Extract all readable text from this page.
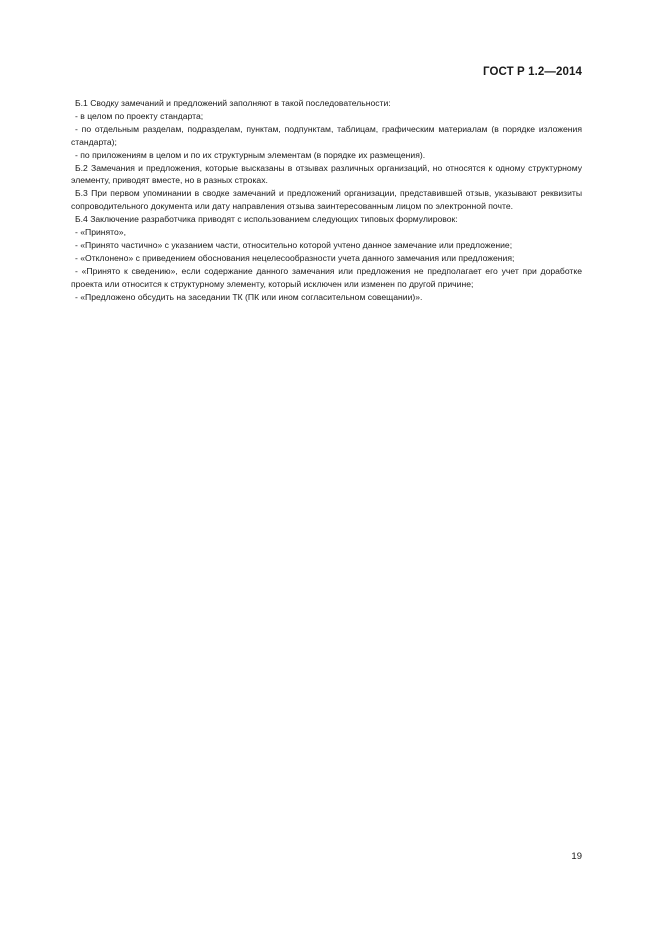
ГОСТ Р 1.2—2014

Б.1 Сводку замечаний и предложений заполняют в такой последовательности:

- в целом по проекту стандарта;

- по отдельным разделам, подразделам, пунктам, подпунктам, таблицам, графическим материалам (в порядке изложения стандарта);

- по приложениям в целом и по их структурным элементам (в порядке их размещения).

Б.2 Замечания и предложения, которые высказаны в отзывах различных организаций, но относятся к одному структурному элементу, приводят вместе, но в разных строках.

Б.3 При первом упоминании в сводке замечаний и предложений организации, представившей отзыв, указывают реквизиты сопроводительного документа или дату направления отзыва заинтересованным лицом по электронной почте.

Б.4 Заключение разработчика приводят с использованием следующих типовых формулировок:

- «Принято»,

- «Принято частично» с указанием части, относительно которой учтено данное замечание или предложение;

- «Отклонено» с приведением обоснования нецелесообразности учета данного замечания или предложения;

- «Принято к сведению», если содержание данного замечания или предложения не предполагает его учет при доработке проекта или относится к структурному элементу, который исключен или изменен по другой причине;

- «Предложено обсудить на заседании ТК (ПК или ином согласительном совещании)».

19
